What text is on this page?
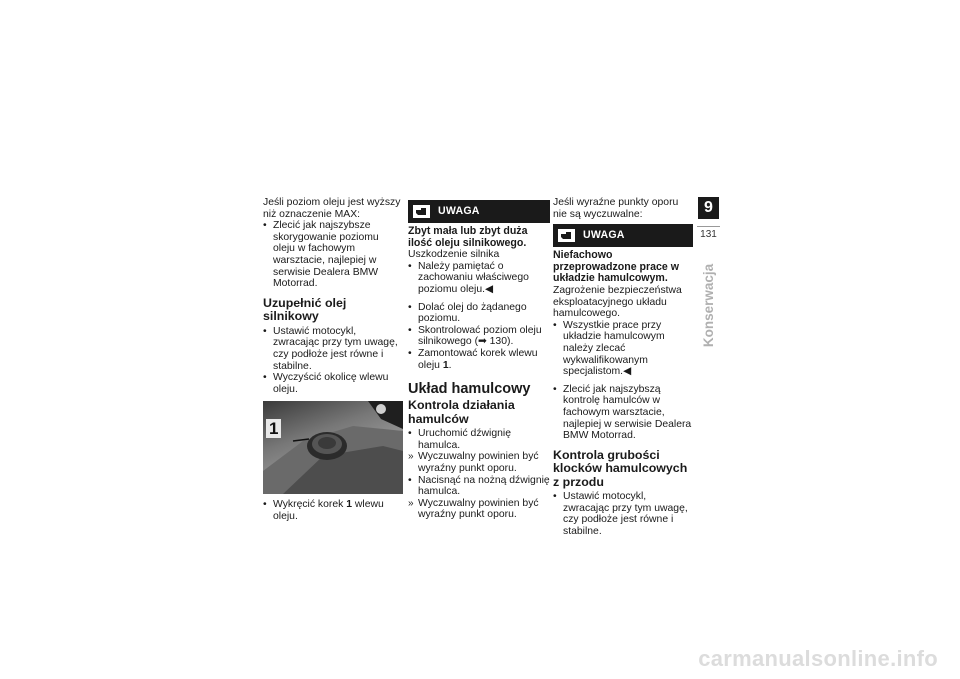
Jeśli poziom oleju jest wyższy niż oznaczenie MAX:

• Zlecić jak najszybsze skorygowanie poziomu oleju w fachowym warsztacie, najlepiej w serwisie Dealera BMW Motorrad.
Uzupełnić olej silnikowy
• Ustawić motocykl, zwracając przy tym uwagę, czy podłoże jest równe i stabilne.
• Wyczyścić okolicę wlewu oleju.
1
• Wykręcić korek 1 wlewu oleju.
UWAGA

Zbyt mała lub zbyt duża ilość oleju silnikowego.

Uszkodzenie silnika

• Należy pamiętać o zachowaniu właściwego poziomu oleju.◀
• Dolać olej do żądanego poziomu.
• Skontrolować poziom oleju silnikowego (➡ 130).
• Zamontować korek wlewu oleju 1.
Układ hamulcowy
Kontrola działania hamulców
• Uruchomić dźwignię hamulca.
» Wyczuwalny powinien być wyraźny punkt oporu.
• Nacisnąć na nożną dźwignię hamulca.
» Wyczuwalny powinien być wyraźny punkt oporu.

Jeśli wyraźne punkty oporu nie są wyczuwalne:

UWAGA

Niefachowo przeprowadzone prace w układzie hamulcowym.

Zagrożenie bezpieczeństwa eksploatacyjnego układu hamulcowego.

• Wszystkie prace przy układzie hamulcowym należy zlecać wykwalifikowanym specjalistom.◀
• Zlecić jak najszybszą kontrolę hamulców w fachowym warsztacie, najlepiej w serwisie Dealera BMW Motorrad.
Kontrola grubości klocków hamulcowych z przodu
• Ustawić motocykl, zwracając przy tym uwagę, czy podłoże jest równe i stabilne.
9
131
Konserwacja
carmanualsonline.info
